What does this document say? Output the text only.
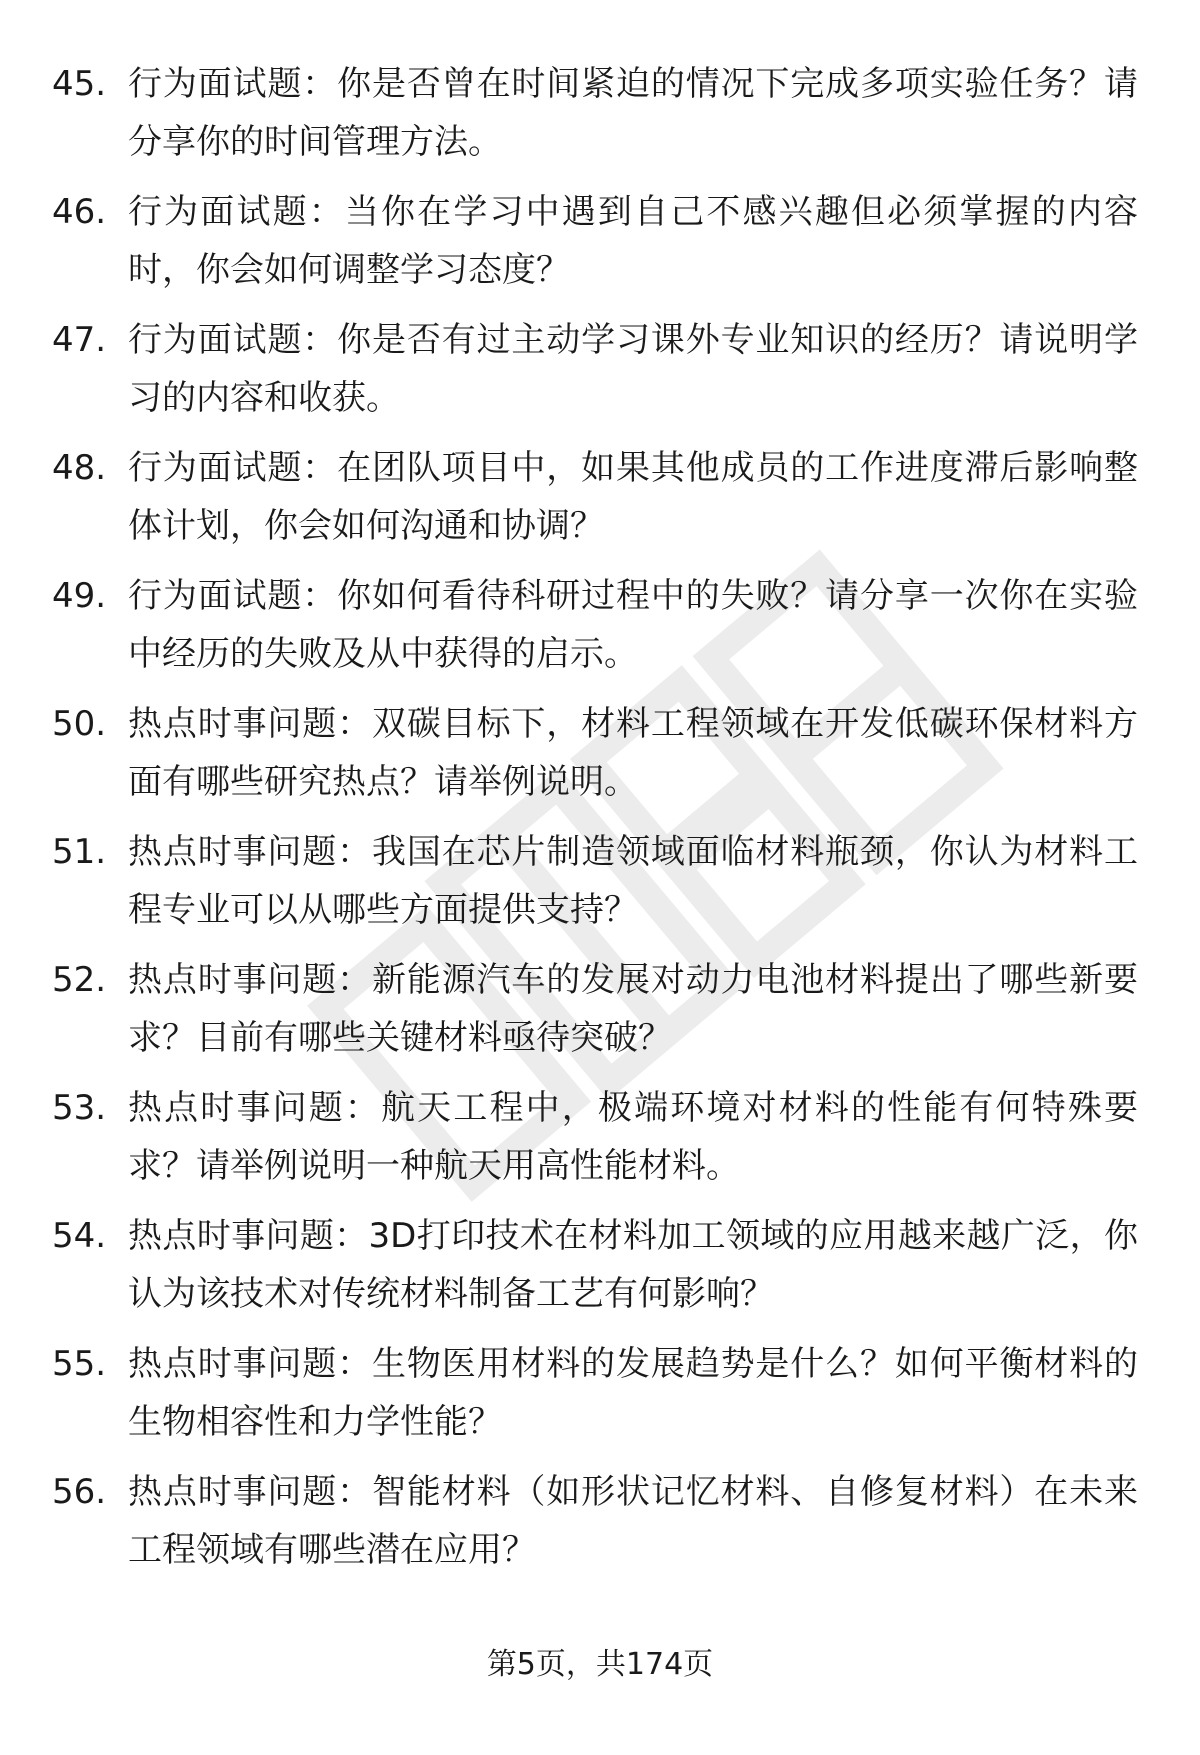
45. 行为面试题：你是否曾在时间紧迫的情况下完成多项实验任务？请分享你的时间管理方法。
46. 行为面试题：当你在学习中遇到自己不感兴趣但必须掌握的内容时，你会如何调整学习态度？
47. 行为面试题：你是否有过主动学习课外专业知识的经历？请说明学习的内容和收获。
48. 行为面试题：在团队项目中，如果其他成员的工作进度滞后影响整体计划，你会如何沟通和协调？
49. 行为面试题：你如何看待科研过程中的失败？请分享一次你在实验中经历的失败及从中获得的启示。
50. 热点时事问题：双碳目标下，材料工程领域在开发低碳环保材料方面有哪些研究热点？请举例说明。
51. 热点时事问题：我国在芯片制造领域面临材料瓶颈，你认为材料工程专业可以从哪些方面提供支持？
52. 热点时事问题：新能源汽车的发展对动力电池材料提出了哪些新要求？目前有哪些关键材料亟待突破？
53. 热点时事问题：航天工程中，极端环境对材料的性能有何特殊要求？请举例说明一种航天用高性能材料。
54. 热点时事问题：3D打印技术在材料加工领域的应用越来越广泛，你认为该技术对传统材料制备工艺有何影响？
55. 热点时事问题：生物医用材料的发展趋势是什么？如何平衡材料的生物相容性和力学性能？
56. 热点时事问题：智能材料（如形状记忆材料、自修复材料）在未来工程领域有哪些潜在应用？
第5页，共174页
